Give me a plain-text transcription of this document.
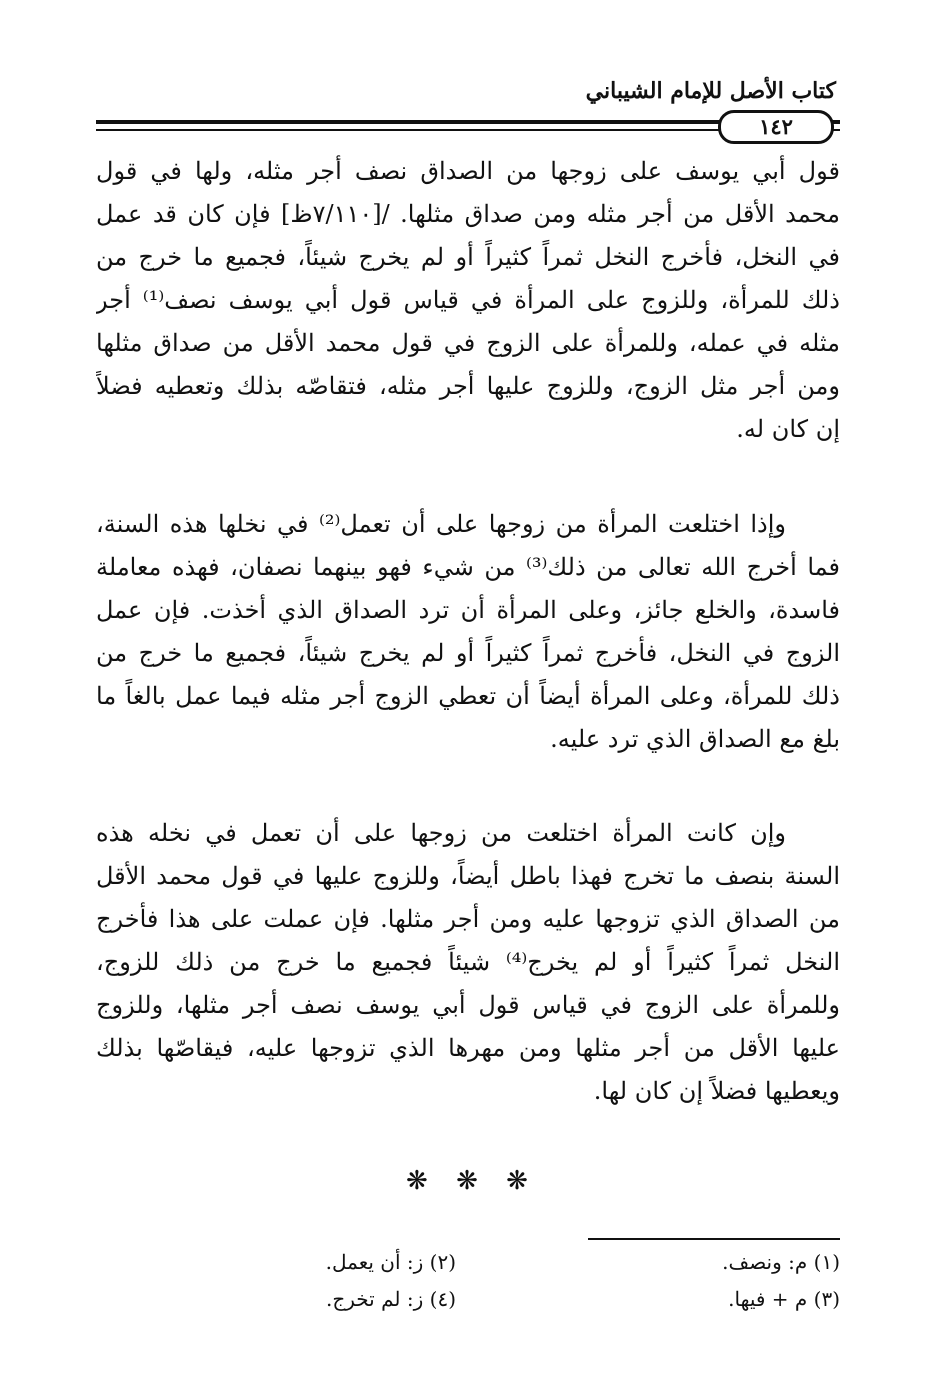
كتاب الأصل للإمام الشيباني
١٤٢
قول أبي يوسف على زوجها من الصداق نصف أجر مثله، ولها في قول
محمد الأقل من أجر مثله ومن صداق مثلها. /[٧/١١٠ظ] فإن كان قد عمل
في النخل، فأخرج النخل ثمراً كثيراً أو لم يخرج شيئاً، فجميع ما خرج من
ذلك للمرأة، وللزوج على المرأة في قياس قول أبي يوسف نصف⁽¹⁾ أجر
مثله في عمله، وللمرأة على الزوج في قول محمد الأقل من صداق مثلها
ومن أجر مثل الزوج، وللزوج عليها أجر مثله، فتقاصّه بذلك وتعطيه فضلاً
إن كان له.
وإذا اختلعت المرأة من زوجها على أن تعمل⁽²⁾ في نخلها هذه السنة،
فما أخرج الله تعالى من ذلك⁽³⁾ من شيء فهو بينهما نصفان، فهذه معاملة
فاسدة، والخلع جائز، وعلى المرأة أن ترد الصداق الذي أخذت. فإن عمل
الزوج في النخل، فأخرج ثمراً كثيراً أو لم يخرج شيئاً، فجميع ما خرج من
ذلك للمرأة، وعلى المرأة أيضاً أن تعطي الزوج أجر مثله فيما عمل بالغاً ما
بلغ مع الصداق الذي ترد عليه.
وإن كانت المرأة اختلعت من زوجها على أن تعمل في نخله هذه
السنة بنصف ما تخرج فهذا باطل أيضاً، وللزوج عليها في قول محمد الأقل
من الصداق الذي تزوجها عليه ومن أجر مثلها. فإن عملت على هذا فأخرج
النخل ثمراً كثيراً أو لم يخرج⁽⁴⁾ شيئاً فجميع ما خرج من ذلك للزوج،
وللمرأة على الزوج في قياس قول أبي يوسف نصف أجر مثلها، وللزوج
عليها الأقل من أجر مثلها ومن مهرها الذي تزوجها عليه، فيقاصّها بذلك
ويعطيها فضلاً إن كان لها.
❋ ❋ ❋
(١) م: ونصف.
(٢) ز: أن يعمل.
(٣) م + فيها.
(٤) ز: لم تخرج.
